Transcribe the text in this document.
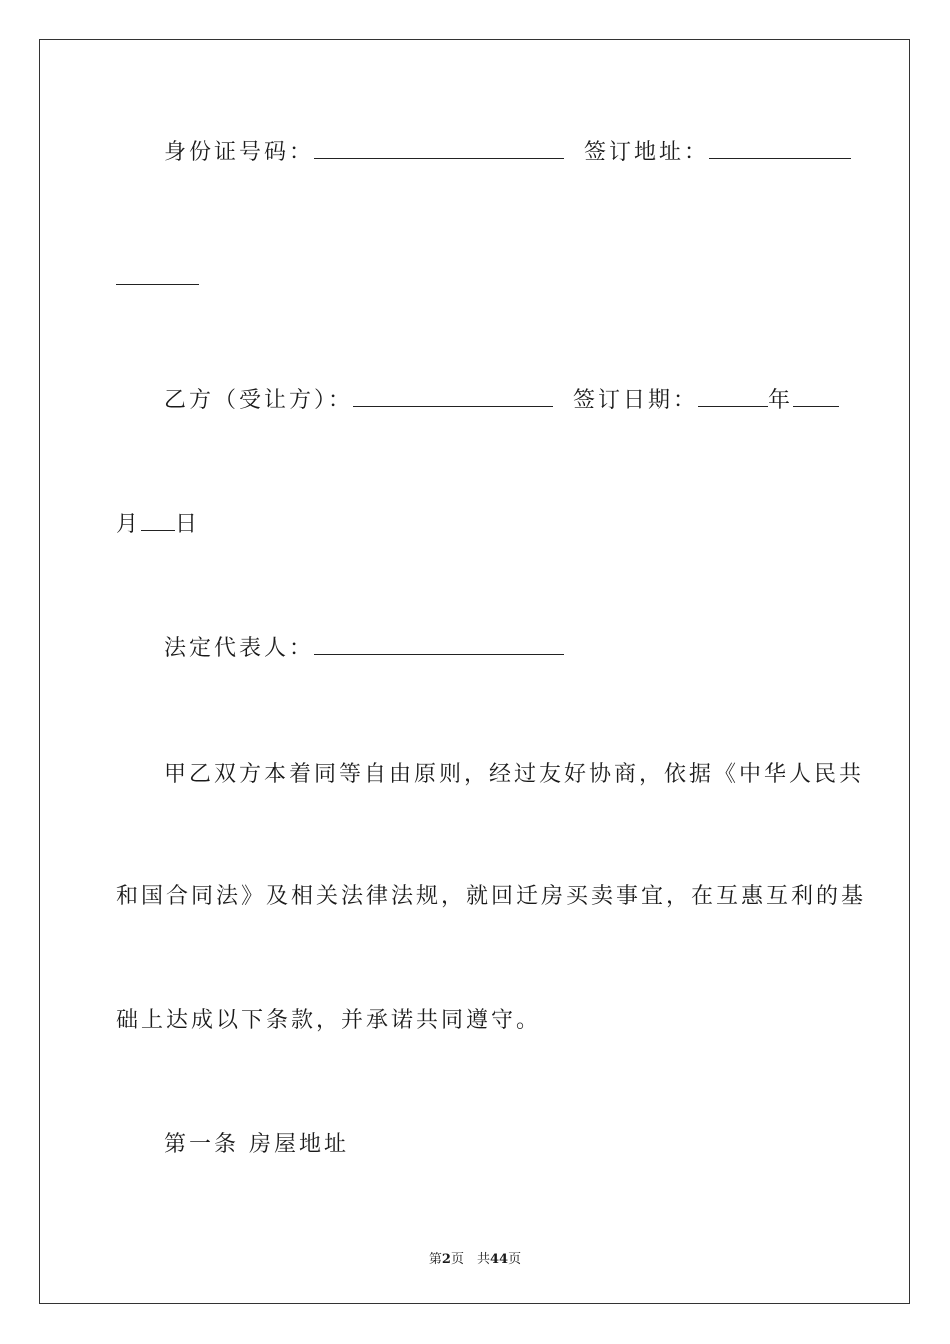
身份证号码：	签订地址：
乙方（受让方）：	签订日期：	年
月 日
法定代表人：
甲乙双方本着同等自由原则，经过友好协商，依据《中华人民共
和国合同法》及相关法律法规，就回迁房买卖事宜，在互惠互利的基
础上达成以下条款，并承诺共同遵守。
第一条 房屋地址
第2页　共44页
